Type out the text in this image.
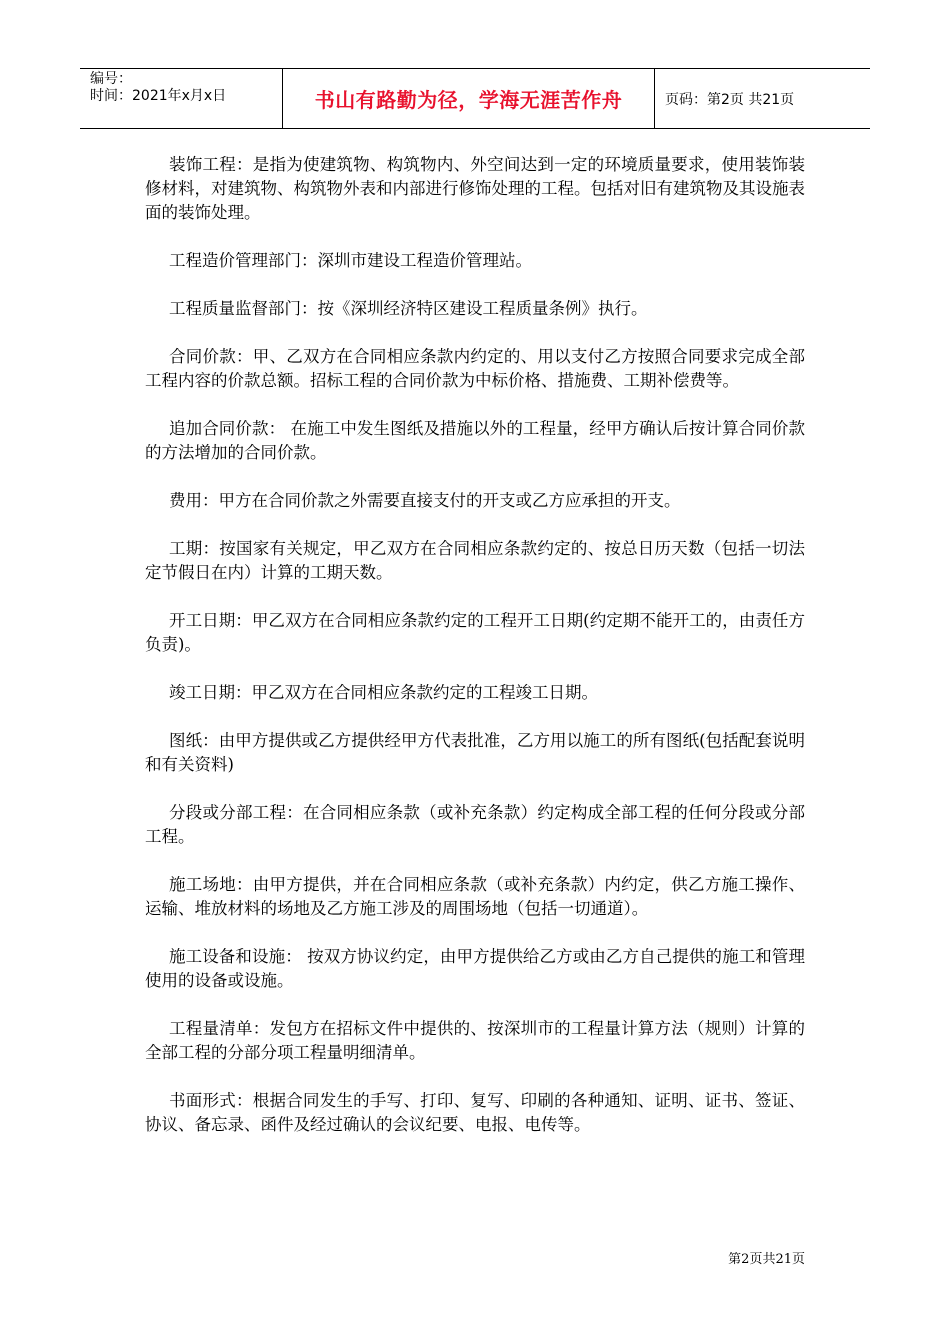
编号：
时间：2021年x月x日	书山有路勤为径，学海无涯苦作舟	页码：第2页 共21页

装饰工程：是指为使建筑物、构筑物内、外空间达到一定的环境质量要求，使用装饰装修材料，对建筑物、构筑物外表和内部进行修饰处理的工程。包括对旧有建筑物及其设施表面的装饰处理。

工程造价管理部门：深圳市建设工程造价管理站。

工程质量监督部门：按《深圳经济特区建设工程质量条例》执行。

合同价款：甲、乙双方在合同相应条款内约定的、用以支付乙方按照合同要求完成全部工程内容的价款总额。招标工程的合同价款为中标价格、措施费、工期补偿费等。

追加合同价款： 在施工中发生图纸及措施以外的工程量，经甲方确认后按计算合同价款的方法增加的合同价款。

费用：甲方在合同价款之外需要直接支付的开支或乙方应承担的开支。

工期：按国家有关规定，甲乙双方在合同相应条款约定的、按总日历天数（包括一切法定节假日在内）计算的工期天数。

开工日期：甲乙双方在合同相应条款约定的工程开工日期(约定期不能开工的，由责任方负责)。

竣工日期：甲乙双方在合同相应条款约定的工程竣工日期。

图纸：由甲方提供或乙方提供经甲方代表批准，乙方用以施工的所有图纸(包括配套说明和有关资料)

分段或分部工程：在合同相应条款（或补充条款）约定构成全部工程的任何分段或分部工程。

施工场地：由甲方提供，并在合同相应条款（或补充条款）内约定，供乙方施工操作、运输、堆放材料的场地及乙方施工涉及的周围场地（包括一切通道）。

施工设备和设施： 按双方协议约定，由甲方提供给乙方或由乙方自己提供的施工和管理使用的设备或设施。

工程量清单：发包方在招标文件中提供的、按深圳市的工程量计算方法（规则）计算的全部工程的分部分项工程量明细清单。

书面形式：根据合同发生的手写、打印、复写、印刷的各种通知、证明、证书、签证、协议、备忘录、函件及经过确认的会议纪要、电报、电传等。

第2页共21页
